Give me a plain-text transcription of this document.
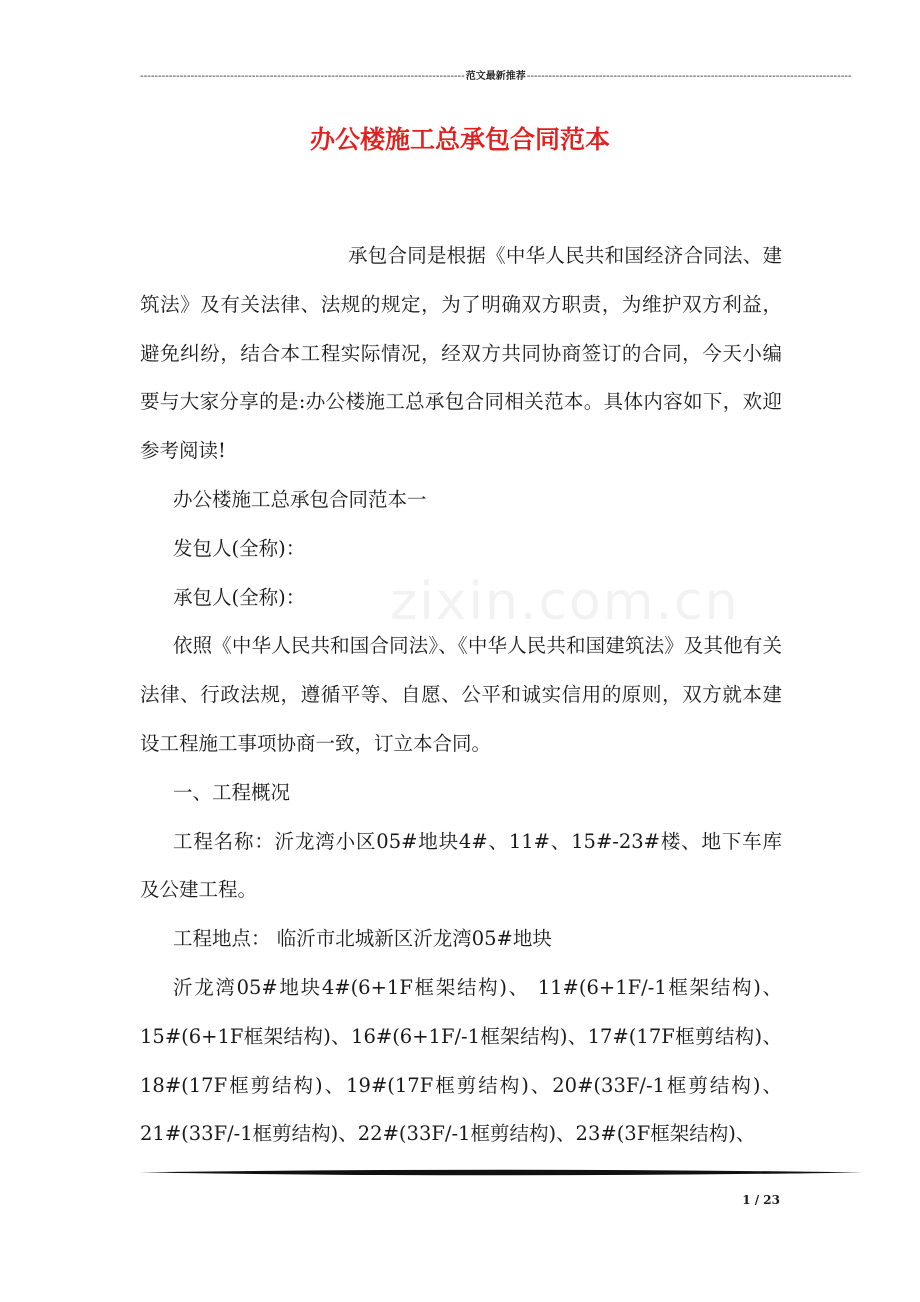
------------------------------------------------------------------------------------------ 范文最新推荐 ------------------------------------------------------------------------------------------
办公楼施工总承包合同范本
zixin.com.cn

承包合同是根据《中华人民共和国经济合同法、建筑法》及有关法律、法规的规定，为了明确双方职责，为维护双方利益，避免纠纷，结合本工程实际情况，经双方共同协商签订的合同，今天小编要与大家分享的是:办公楼施工总承包合同相关范本。具体内容如下，欢迎参考阅读!

办公楼施工总承包合同范本一

发包人(全称)：

承包人(全称)：

依照《中华人民共和国合同法》、《中华人民共和国建筑法》及其他有关法律、行政法规，遵循平等、自愿、公平和诚实信用的原则，双方就本建设工程施工事项协商一致，订立本合同。

一、工程概况

工程名称：沂龙湾小区05#地块4#、11#、15#-23#楼、地下车库及公建工程。

工程地点： 临沂市北城新区沂龙湾05#地块

沂龙湾05#地块4#(6+1F框架结构)、 11#(6+1F/-1框架结构)、15#(6+1F框架结构)、16#(6+1F/-1框架结构)、17#(17F框剪结构)、18#(17F框剪结构)、19#(17F框剪结构)、20#(33F/-1框剪结构)、21#(33F/-1框剪结构)、22#(33F/-1框剪结构)、23#(3F框架结构)、

1 / 23
